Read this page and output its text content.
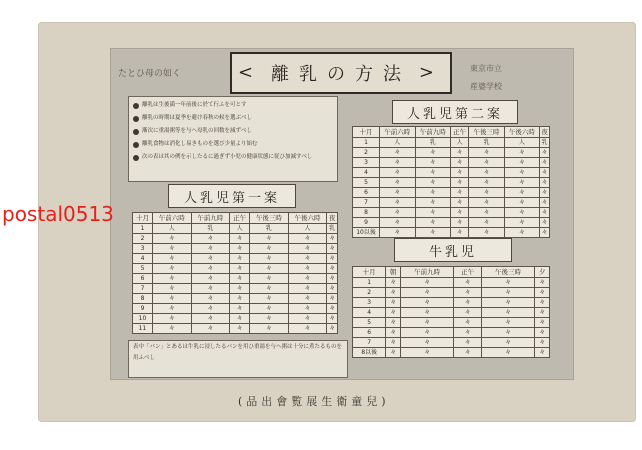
たとひ母の如く
東京市立
産婆学校
< 離乳の方法 >
離乳は生後満一年前後に於て行ふを可とす
離乳の時期は夏季を避け春秋の候を選ぶべし
漸次に重湯粥等を与へ母乳の回数を減ずべし
離乳食物は消化し易きものを選び少量より始む
次の表は其の例を示したるに過ぎず小児の健康状態に従ひ加減すべし
人乳児第一案
十月	午前六時	午前九時	正午	午後三時	午後六時	夜
1	人	乳	人	乳	人	乳
2	々	々	々	々	々	々
3	々	々	々	々	々	々
4	々	々	々	々	々	々
5	々	々	々	々	々	々
6	々	々	々	々	々	々
7	々	々	々	々	々	々
8	々	々	々	々	々	々
9	々	々	々	々	々	々
10	々	々	々	々	々	々
11	々	々	々	々	々	々
表中「パン」とあるは牛乳に浸したるパンを用ひ重湯を与へ粥は十分に煮たるものを用ふべし
人乳児第二案
十月	午前六時	午前九時	正午	午後三時	午後六時	夜
1	人	乳	人	乳	人	乳
2	々	々	々	々	々	々
3	々	々	々	々	々	々
4	々	々	々	々	々	々
5	々	々	々	々	々	々
6	々	々	々	々	々	々
7	々	々	々	々	々	々
8	々	々	々	々	々	々
9	々	々	々	々	々	々
10以後	々	々	々	々	々	々
牛乳児
十月	朝	午前九時	正午	午後三時	夕
1	々	々	々	々	々
2	々	々	々	々	々
3	々	々	々	々	々
4	々	々	々	々	々
5	々	々	々	々	々
6	々	々	々	々	々
7	々	々	々	々	々
8以後	々	々	々	々	々
(品出會覧展生衛童兒)
postal0513
